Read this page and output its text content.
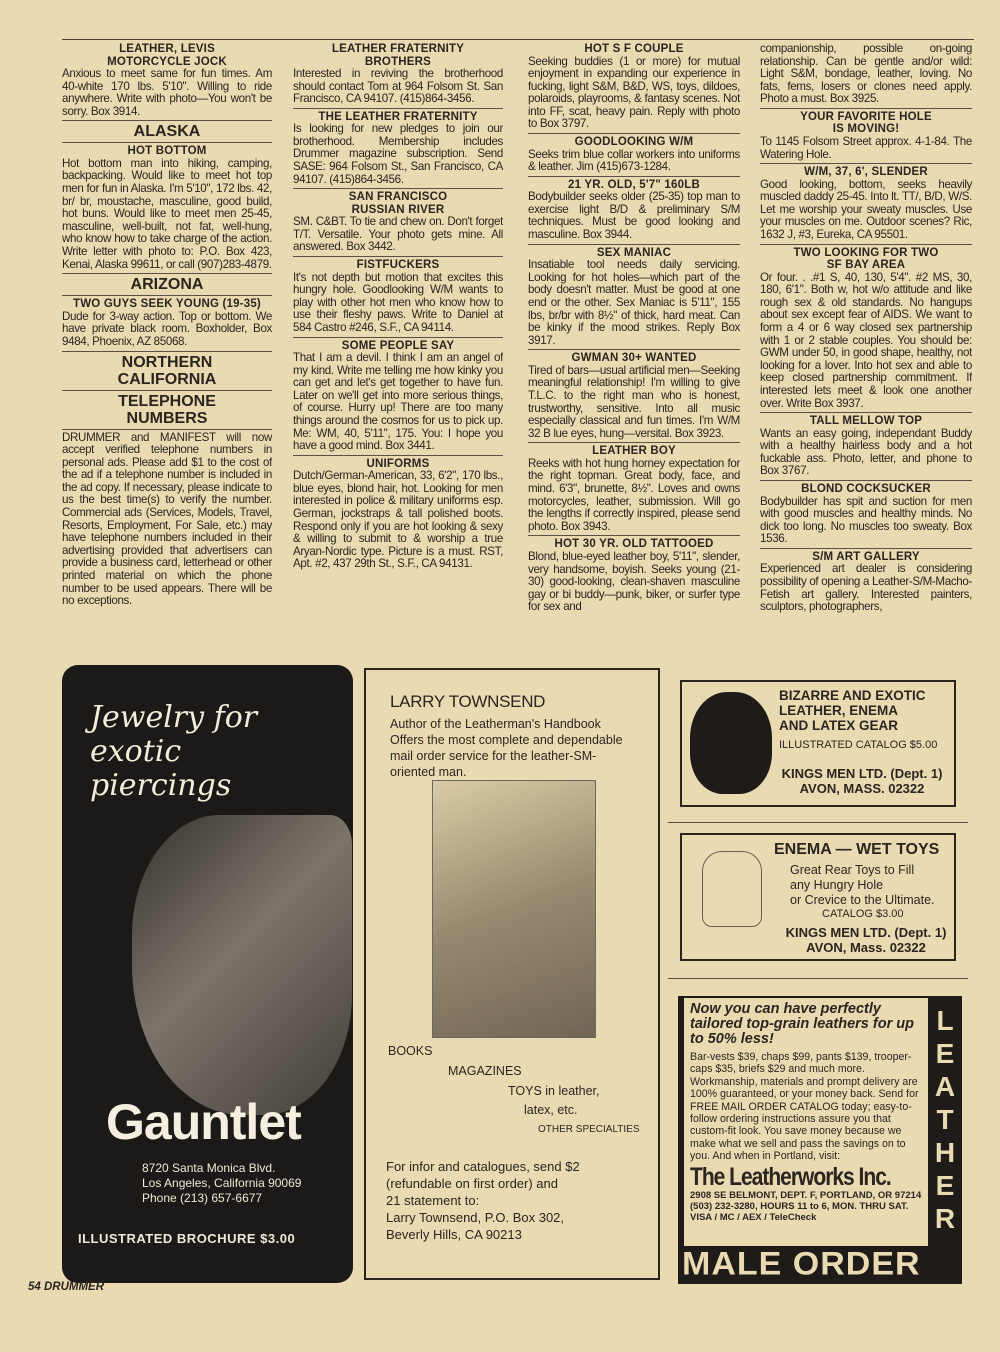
LEATHER, LEVIS
MOTORCYCLE JOCK
Anxious to meet same for fun times. Am 40-white 170 lbs. 5'10". Willing to ride anywhere. Write with photo—You won't be sorry. Box 3914.
ALASKA
HOT BOTTOM
Hot bottom man into hiking, camping, backpacking. Would like to meet hot top men for fun in Alaska. I'm 5'10", 172 lbs. 42, br/ br, moustache, masculine, good build, hot buns. Would like to meet men 25-45, masculine, well-built, not fat, well-hung, who know how to take charge of the action. Write letter with photo to: P.O. Box 423, Kenai, Alaska 99611, or call (907)283-4879.
ARIZONA
TWO GUYS SEEK YOUNG (19-35)
Dude for 3-way action. Top or bottom. We have private black room. Boxholder, Box 9484, Phoenix, AZ 85068.
NORTHERN
CALIFORNIA
TELEPHONE
NUMBERS
DRUMMER and MANIFEST will now accept verified telephone numbers in personal ads. Please add $1 to the cost of the ad if a telephone number is included in the ad copy. If necessary, please indicate to us the best time(s) to verify the number. Commercial ads (Services, Models, Travel, Resorts, Employment, For Sale, etc.) may have telephone numbers included in their advertising provided that advertisers can provide a business card, letterhead or other printed material on which the phone number to be used appears. There will be no exceptions.
LEATHER FRATERNITY
BROTHERS
Interested in reviving the brotherhood should contact Tom at 964 Folsom St. San Francisco, CA 94107. (415)864-3456.
THE LEATHER FRATERNITY
Is looking for new pledges to join our brotherhood. Membership includes Drummer magazine subscription. Send SASE: 964 Folsom St., San Francisco, CA 94107. (415)864-3456.
SAN FRANCISCO
RUSSIAN RIVER
SM. C&BT. To tie and chew on. Don't forget T/T. Versatile. Your photo gets mine. All answered. Box 3442.
FISTFUCKERS
It's not depth but motion that excites this hungry hole. Goodlooking W/M wants to play with other hot men who know how to use their fleshy paws. Write to Daniel at 584 Castro #246, S.F., CA 94114.
SOME PEOPLE SAY
That I am a devil. I think I am an angel of my kind. Write me telling me how kinky you can get and let's get together to have fun. Later on we'll get into more serious things, of course. Hurry up! There are too many things around the cosmos for us to pick up. Me: WM, 40, 5'11", 175. You: I hope you have a good mind. Box 3441.
UNIFORMS
Dutch/German-American, 33, 6'2", 170 lbs., blue eyes, blond hair, hot. Looking for men interested in police & military uniforms esp. German, jockstraps & tall polished boots. Respond only if you are hot looking & sexy & willing to submit to & worship a true Aryan-Nordic type. Picture is a must. RST, Apt. #2, 437 29th St., S.F., CA 94131.
HOT S F COUPLE
Seeking buddies (1 or more) for mutual enjoyment in expanding our experience in fucking, light S&M, B&D, WS, toys, dildoes, polaroids, playrooms, & fantasy scenes. Not into FF, scat, heavy pain. Reply with photo to Box 3797.
GOODLOOKING W/M
Seeks trim blue collar workers into uniforms & leather. Jim (415)673-1284.
21 YR. OLD, 5'7" 160LB
Bodybuilder seeks older (25-35) top man to exercise light B/D & preliminary S/M techniques. Must be good looking and masculine. Box 3944.
SEX MANIAC
Insatiable tool needs daily servicing. Looking for hot holes—which part of the body doesn't matter. Must be good at one end or the other. Sex Maniac is 5'11", 155 lbs, br/br with 8½" of thick, hard meat. Can be kinky if the mood strikes. Reply Box 3917.
GWMAN 30+ WANTED
Tired of bars—usual artificial men—Seeking meaningful relationship! I'm willing to give T.L.C. to the right man who is honest, trustworthy, sensitive. Into all music especially classical and fun times. I'm W/M 32 B lue eyes, hung—versital. Box 3923.
LEATHER BOY
Reeks with hot hung horney expectation for the right topman. Great body, face, and mind. 6'3", brunette, 8½". Loves and owns motorcycles, leather, submission. Will go the lengths if correctly inspired, please send photo. Box 3943.
HOT 30 YR. OLD TATTOOED
Blond, blue-eyed leather boy, 5'11", slender, very handsome, boyish. Seeks young (21-30) good-looking, clean-shaven masculine gay or bi buddy—punk, biker, or surfer type for sex and
companionship, possible on-going relationship. Can be gentle and/or wild: Light S&M, bondage, leather, loving. No fats, fems, losers or clones need apply. Photo a must. Box 3925.
YOUR FAVORITE HOLE
IS MOVING!
To 1145 Folsom Street approx. 4-1-84. The Watering Hole.
W/M, 37, 6', SLENDER
Good looking, bottom, seeks heavily muscled daddy 25-45. Into lt. TT/, B/D, W/S. Let me worship your sweaty muscles. Use your muscles on me. Outdoor scenes? Ric, 1632 J, #3, Eureka, CA 95501.
TWO LOOKING FOR TWO
SF BAY AREA
Or four. . .#1 S, 40, 130, 5'4". #2 MS, 30, 180, 6'1". Both w, hot w/o attitude and like rough sex & old standards. No hangups about sex except fear of AIDS. We want to form a 4 or 6 way closed sex partnership with 1 or 2 stable couples. You should be: GWM under 50, in good shape, healthy, not looking for a lover. Into hot sex and able to keep closed partnership commitment. If interested lets meet & look one another over. Write Box 3937.
TALL MELLOW TOP
Wants an easy going, independant Buddy with a healthy hairless body and a hot fuckable ass. Photo, letter, and phone to Box 3767.
BLOND COCKSUCKER
Bodybuilder has spit and suction for men with good muscles and healthy minds. No dick too long. No muscles too sweaty. Box 1536.
S/M ART GALLERY
Experienced art dealer is considering possibility of opening a Leather-S/M-Macho-Fetish art gallery. Interested painters, sculptors, photographers,
Jewelry for
exotic
piercings
Gauntlet
8720 Santa Monica Blvd.
Los Angeles, California 90069
Phone (213) 657-6677
ILLUSTRATED BROCHURE $3.00
LARRY TOWNSEND
Author of the Leatherman's Handbook
Offers the most complete and dependable mail order service for the leather-SM-oriented man.
BOOKS
MAGAZINES
TOYS in leather,
latex, etc.
OTHER SPECIALTIES
For infor and catalogues, send $2
(refundable on first order) and
21 statement to:
Larry Townsend, P.O. Box 302,
Beverly Hills, CA 90213
BIZARRE AND EXOTIC
LEATHER, ENEMA
AND LATEX GEAR
ILLUSTRATED CATALOG $5.00
KINGS MEN LTD. (Dept. 1)
AVON, MASS. 02322
ENEMA — WET TOYS
Great Rear Toys to Fill
any Hungry Hole
or Crevice to the Ultimate.
CATALOG $3.00
KINGS MEN LTD. (Dept. 1)
AVON, Mass. 02322
Now you can have perfectly tailored top-grain leathers for up to 50% less!
Bar-vests $39, chaps $99, pants $139, trooper-caps $35, briefs $29 and much more. Workmanship, materials and prompt delivery are 100% guaranteed, or your money back. Send for FREE MAIL ORDER CATALOG today; easy-to-follow ordering instructions assure you that custom-fit look. You save money because we make what we sell and pass the savings on to you. And when in Portland, visit:
The Leatherworks Inc.
2908 SE BELMONT, DEPT. F, PORTLAND, OR 97214
(503) 232-3280, HOURS 11 to 6, MON. THRU SAT.
VISA / MC / AEX / TeleCheck
L
E
A
T
H
E
R
MALE ORDER
54 DRUMMER
